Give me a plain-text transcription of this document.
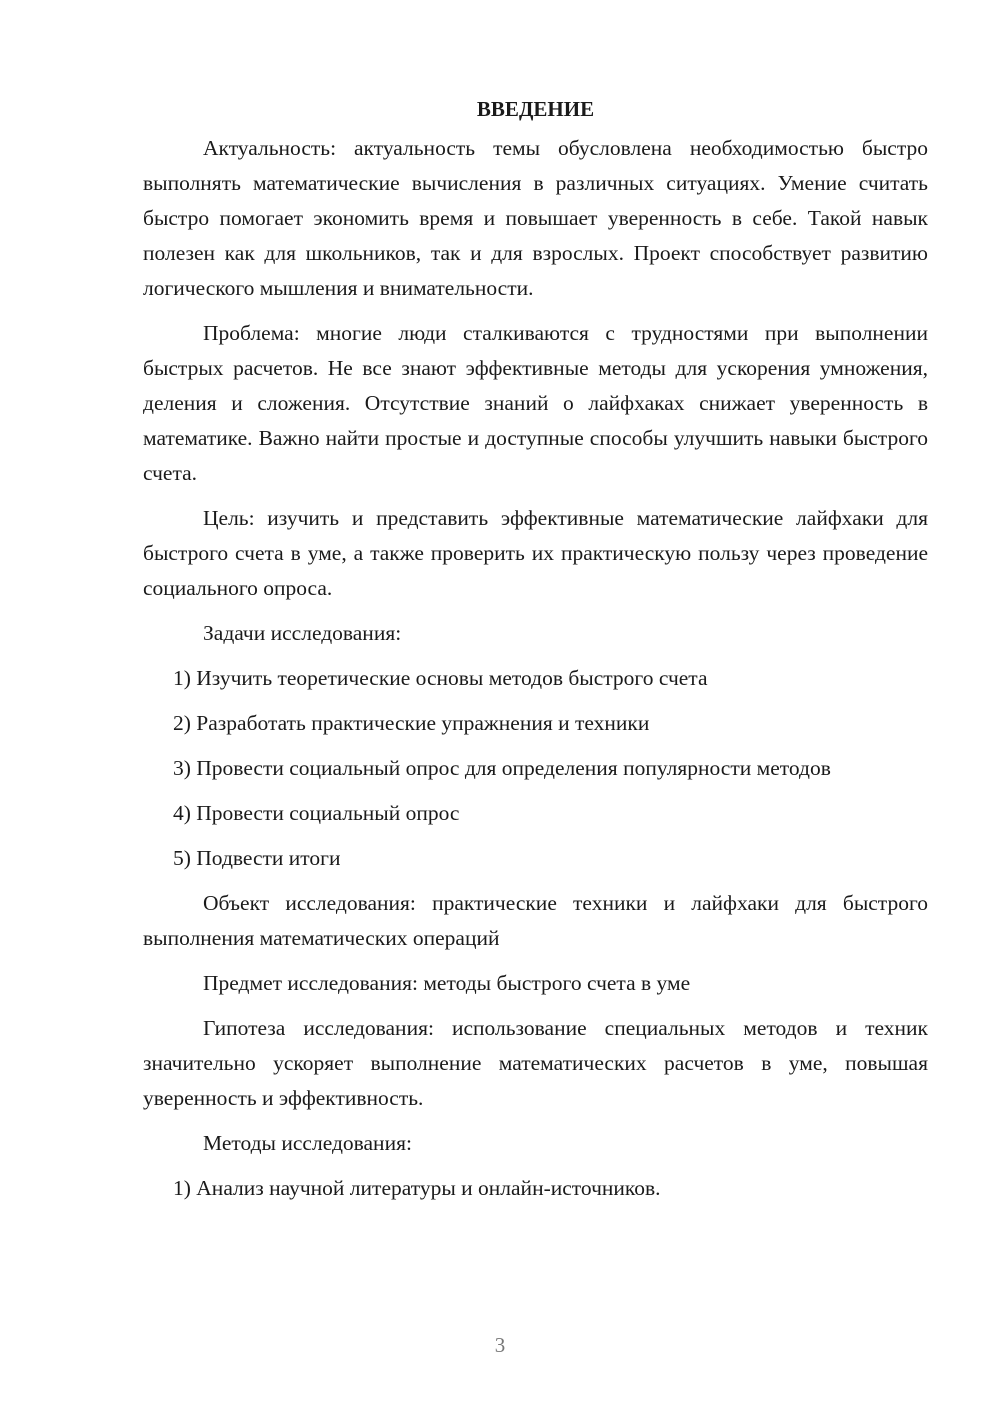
ВВЕДЕНИЕ

Актуальность: актуальность темы обусловлена необходимостью быстро выполнять математические вычисления в различных ситуациях. Умение считать быстро помогает экономить время и повышает уверенность в себе. Такой навык полезен как для школьников, так и для взрослых. Проект способствует развитию логического мышления и внимательности.

Проблема: многие люди сталкиваются с трудностями при выполнении быстрых расчетов. Не все знают эффективные методы для ускорения умножения, деления и сложения. Отсутствие знаний о лайфхаках снижает уверенность в математике. Важно найти простые и доступные способы улучшить навыки быстрого счета.

Цель: изучить и представить эффективные математические лайфхаки для быстрого счета в уме, а также проверить их практическую пользу через проведение социального опроса.

Задачи исследования:

1) Изучить теоретические основы методов быстрого счета

2) Разработать практические упражнения и техники

3) Провести социальный опрос для определения популярности методов

4) Провести социальный опрос

5) Подвести итоги

Объект исследования: практические техники и лайфхаки для быстрого выполнения математических операций

Предмет исследования: методы быстрого счета в уме

Гипотеза исследования: использование специальных методов и техник значительно ускоряет выполнение математических расчетов в уме, повышая уверенность и эффективность.

Методы исследования:

1) Анализ научной литературы и онлайн-источников.

3
